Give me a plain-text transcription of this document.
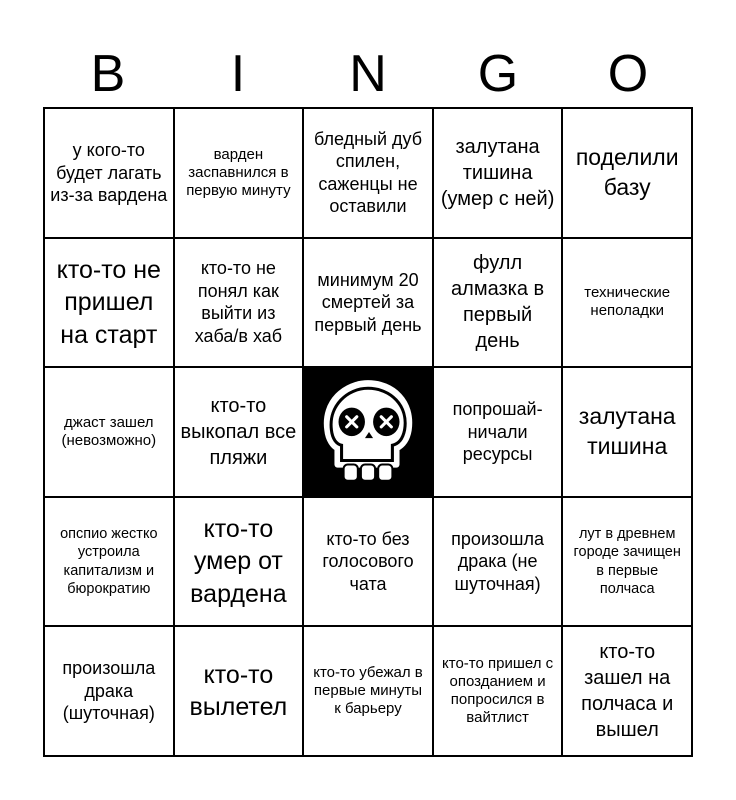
B	I	N	G	O
у кого-то будет лагать из-за вардена
варден заспавнился в первую минуту
бледный дуб спилен, саженцы не оставили
залутана тишина (умер с ней)
поделили базу
кто-то не пришел на старт
кто-то не понял как выйти из хаба/в хаб
минимум 20 смертей за первый день
фулл алмазка в первый день
технические неполадки
джаст зашел (невозможно)
кто-то выкопал все пляжи
попрошай-ничали ресурсы
залутана тишина
опспио жестко устроила капитализм и бюрократию
кто-то умер от вардена
кто-то без голосового чата
произошла драка (не шуточная)
лут в древнем городе зачищен в первые полчаса
произошла драка (шуточная)
кто-то вылетел
кто-то убежал в первые минуты к барьеру
кто-то пришел с опозданием и попросился в вайтлист
кто-то зашел на полчаса и вышел
